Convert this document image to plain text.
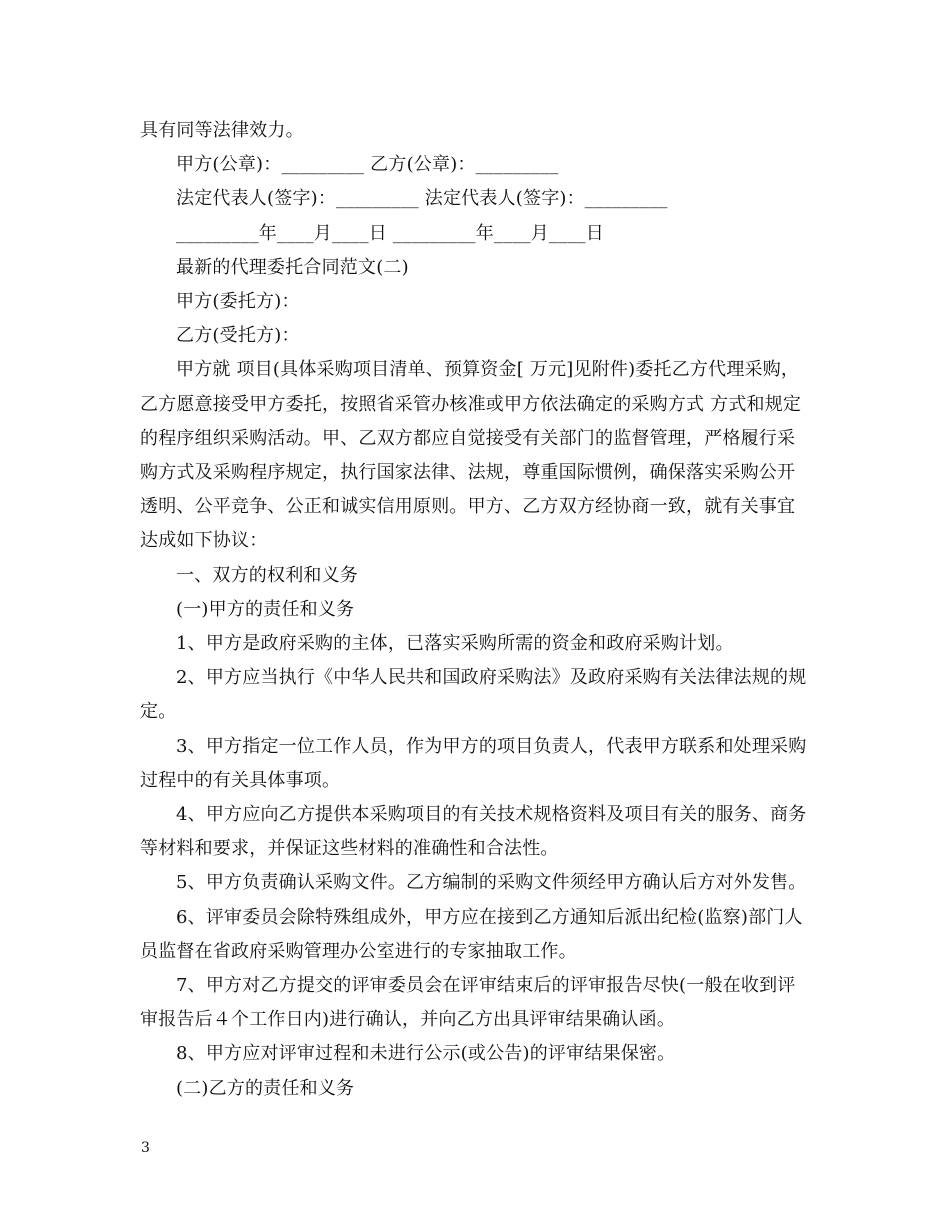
具有同等法律效力。

甲方(公章)：_________ 乙方(公章)：_________

法定代表人(签字)：_________ 法定代表人(签字)：_________

_________年____月____日 _________年____月____日

最新的代理委托合同范文(二)

甲方(委托方)：

乙方(受托方)：

甲方就 项目(具体采购项目清单、预算资金[ 万元]见附件)委托乙方代理采购，乙方愿意接受甲方委托，按照省采管办核准或甲方依法确定的采购方式 方式和规定的程序组织采购活动。甲、乙双方都应自觉接受有关部门的监督管理，严格履行采购方式及采购程序规定，执行国家法律、法规，尊重国际惯例，确保落实采购公开透明、公平竞争、公正和诚实信用原则。甲方、乙方双方经协商一致，就有关事宜达成如下协议：

一、双方的权利和义务

(一)甲方的责任和义务

1、甲方是政府采购的主体，已落实采购所需的资金和政府采购计划。

2、甲方应当执行《中华人民共和国政府采购法》及政府采购有关法律法规的规定。

3、甲方指定一位工作人员，作为甲方的项目负责人，代表甲方联系和处理采购过程中的有关具体事项。

4、甲方应向乙方提供本采购项目的有关技术规格资料及项目有关的服务、商务等材料和要求，并保证这些材料的准确性和合法性。

5、甲方负责确认采购文件。乙方编制的采购文件须经甲方确认后方对外发售。

6、评审委员会除特殊组成外，甲方应在接到乙方通知后派出纪检(监察)部门人员监督在省政府采购管理办公室进行的专家抽取工作。

7、甲方对乙方提交的评审委员会在评审结束后的评审报告尽快(一般在收到评审报告后４个工作日内)进行确认，并向乙方出具评审结果确认函。

8、甲方应对评审过程和未进行公示(或公告)的评审结果保密。

(二)乙方的责任和义务

3
